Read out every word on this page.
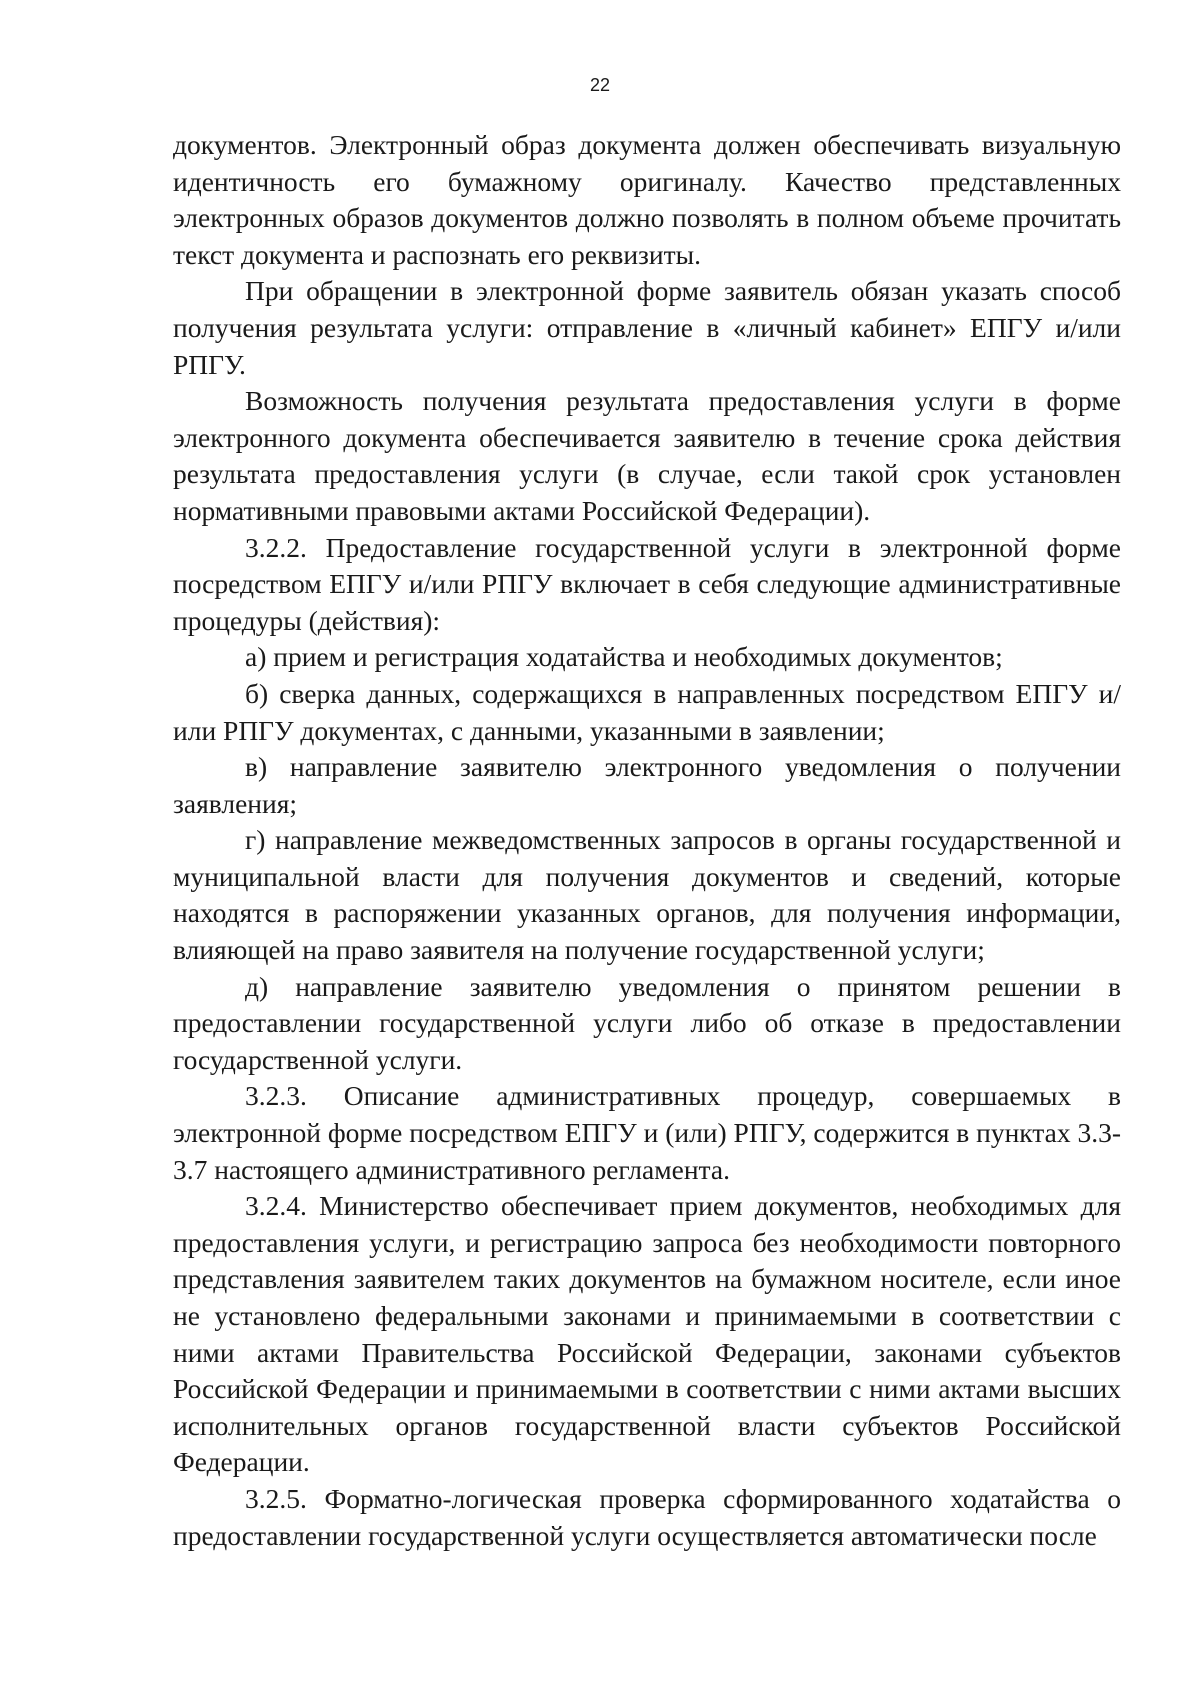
22

документов. Электронный образ документа должен обеспечивать визуальную идентичность его бумажному оригиналу. Качество представленных электронных образов документов должно позволять в полном объеме прочитать текст документа и распознать его реквизиты.

При обращении в электронной форме заявитель обязан указать способ получения результата услуги: отправление в «личный кабинет» ЕПГУ и/или РПГУ.

Возможность получения результата предоставления услуги в форме электронного документа обеспечивается заявителю в течение срока действия результата предоставления услуги (в случае, если такой срок установлен нормативными правовыми актами Российской Федерации).

3.2.2. Предоставление государственной услуги в электронной форме посредством ЕПГУ и/или РПГУ включает в себя следующие административные процедуры (действия):

а) прием и регистрация ходатайства и необходимых документов;

б) сверка данных, содержащихся в направленных посредством ЕПГУ и/или РПГУ документах, с данными, указанными в заявлении;

в) направление заявителю электронного уведомления о получении заявления;

г) направление межведомственных запросов в органы государственной и муниципальной власти для получения документов и сведений, которые находятся в распоряжении указанных органов, для получения информации, влияющей на право заявителя на получение государственной услуги;

д) направление заявителю уведомления о принятом решении в предоставлении государственной услуги либо об отказе в предоставлении государственной услуги.

3.2.3. Описание административных процедур, совершаемых в электронной форме посредством ЕПГУ и (или) РПГУ, содержится в пунктах 3.3-3.7 настоящего административного регламента.

3.2.4. Министерство обеспечивает прием документов, необходимых для предоставления услуги, и регистрацию запроса без необходимости повторного представления заявителем таких документов на бумажном носителе, если иное не установлено федеральными законами и принимаемыми в соответствии с ними актами Правительства Российской Федерации, законами субъектов Российской Федерации и принимаемыми в соответствии с ними актами высших исполнительных органов государственной власти субъектов Российской Федерации.

3.2.5. Форматно-логическая проверка сформированного ходатайства о предоставлении государственной услуги осуществляется автоматически после
